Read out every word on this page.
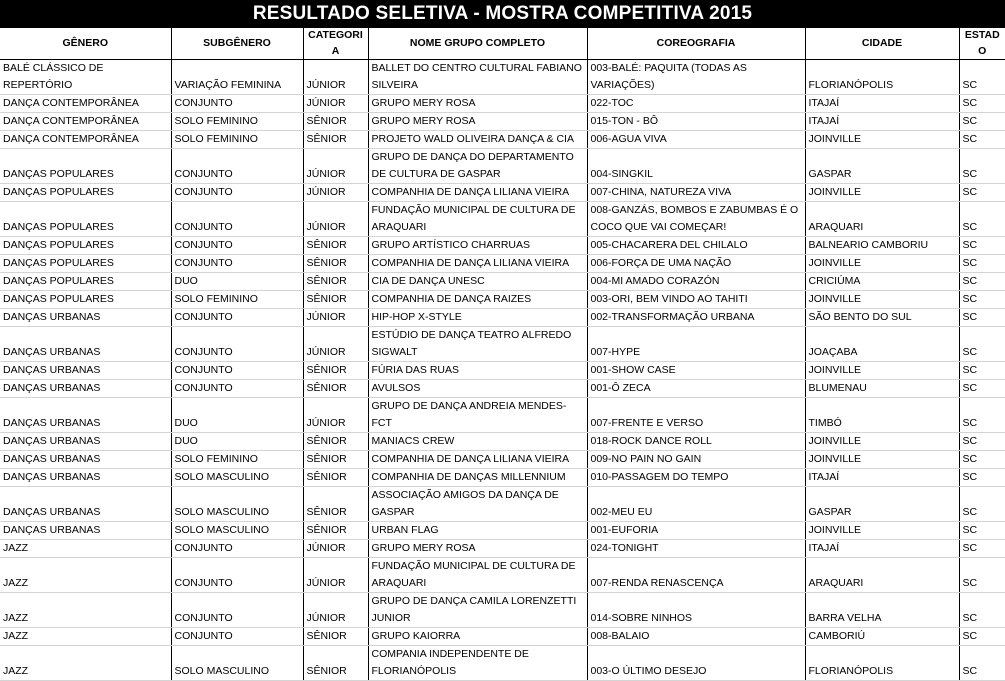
RESULTADO SELETIVA - MOSTRA COMPETITIVA 2015
GÊNERO	SUBGÊNERO	CATEGORIA	NOME GRUPO COMPLETO	COREOGRAFIA	CIDADE	ESTADO
BALÉ CLÁSSICO DE REPERTÓRIO	VARIAÇÃO FEMININA	JÚNIOR	BALLET DO CENTRO CULTURAL FABIANO SILVEIRA	003-BALÉ: PAQUITA (TODAS AS VARIAÇÕES)	FLORIANÓPOLIS	SC
DANÇA CONTEMPORÂNEA	CONJUNTO	JÚNIOR	GRUPO MERY ROSA	022-TOC	ITAJAÍ	SC
DANÇA CONTEMPORÂNEA	SOLO FEMININO	SÊNIOR	GRUPO MERY ROSA	015-TON - BÔ	ITAJAÍ	SC
DANÇA CONTEMPORÂNEA	SOLO FEMININO	SÊNIOR	PROJETO WALD OLIVEIRA DANÇA & CIA	006-AGUA VIVA	JOINVILLE	SC
DANÇAS POPULARES	CONJUNTO	JÚNIOR	GRUPO DE DANÇA DO DEPARTAMENTO DE CULTURA DE GASPAR	004-SINGKIL	GASPAR	SC
DANÇAS POPULARES	CONJUNTO	JÚNIOR	COMPANHIA DE DANÇA LILIANA VIEIRA	007-CHINA, NATUREZA VIVA	JOINVILLE	SC
DANÇAS POPULARES	CONJUNTO	JÚNIOR	FUNDAÇÃO MUNICIPAL DE CULTURA DE ARAQUARI	008-GANZÁS, BOMBOS E ZABUMBAS É O COCO QUE VAI COMEÇAR!	ARAQUARI	SC
DANÇAS POPULARES	CONJUNTO	SÊNIOR	GRUPO ARTÍSTICO CHARRUAS	005-CHACARERA DEL CHILALO	BALNEARIO CAMBORIU	SC
DANÇAS POPULARES	CONJUNTO	SÊNIOR	COMPANHIA DE DANÇA LILIANA VIEIRA	006-FORÇA DE UMA NAÇÃO	JOINVILLE	SC
DANÇAS POPULARES	DUO	SÊNIOR	CIA DE DANÇA UNESC	004-MI AMADO CORAZÓN	CRICIÚMA	SC
DANÇAS POPULARES	SOLO FEMININO	SÊNIOR	COMPANHIA DE DANÇA RAIZES	003-ORI, BEM VINDO AO TAHITI	JOINVILLE	SC
DANÇAS URBANAS	CONJUNTO	JÚNIOR	HIP-HOP X-STYLE	002-TRANSFORMAÇÃO URBANA	SÃO BENTO DO SUL	SC
DANÇAS URBANAS	CONJUNTO	JÚNIOR	ESTÚDIO DE DANÇA TEATRO ALFREDO SIGWALT	007-HYPE	JOAÇABA	SC
DANÇAS URBANAS	CONJUNTO	SÊNIOR	FÚRIA DAS RUAS	001-SHOW CASE	JOINVILLE	SC
DANÇAS URBANAS	CONJUNTO	SÊNIOR	AVULSOS	001-Ô ZECA	BLUMENAU	SC
DANÇAS URBANAS	DUO	JÚNIOR	GRUPO DE DANÇA ANDREIA MENDES-FCT	007-FRENTE E VERSO	TIMBÓ	SC
DANÇAS URBANAS	DUO	SÊNIOR	MANIACS CREW	018-ROCK DANCE ROLL	JOINVILLE	SC
DANÇAS URBANAS	SOLO FEMININO	SÊNIOR	COMPANHIA DE DANÇA LILIANA VIEIRA	009-NO PAIN NO GAIN	JOINVILLE	SC
DANÇAS URBANAS	SOLO MASCULINO	SÊNIOR	COMPANHIA DE DANÇAS MILLENNIUM	010-PASSAGEM DO TEMPO	ITAJAÍ	SC
DANÇAS URBANAS	SOLO MASCULINO	SÊNIOR	ASSOCIAÇÃO AMIGOS DA DANÇA DE GASPAR	002-MEU EU	GASPAR	SC
DANÇAS URBANAS	SOLO MASCULINO	SÊNIOR	URBAN FLAG	001-EUFORIA	JOINVILLE	SC
JAZZ	CONJUNTO	JÚNIOR	GRUPO MERY ROSA	024-TONIGHT	ITAJAÍ	SC
JAZZ	CONJUNTO	JÚNIOR	FUNDAÇÃO MUNICIPAL DE CULTURA DE ARAQUARI	007-RENDA RENASCENÇA	ARAQUARI	SC
JAZZ	CONJUNTO	JÚNIOR	GRUPO DE DANÇA CAMILA LORENZETTI JUNIOR	014-SOBRE NINHOS	BARRA VELHA	SC
JAZZ	CONJUNTO	SÊNIOR	GRUPO KAIORRA	008-BALAIO	CAMBORIÚ	SC
JAZZ	SOLO MASCULINO	SÊNIOR	COMPANIA INDEPENDENTE DE FLORIANÓPOLIS	003-O ÚLTIMO DESEJO	FLORIANÓPOLIS	SC
